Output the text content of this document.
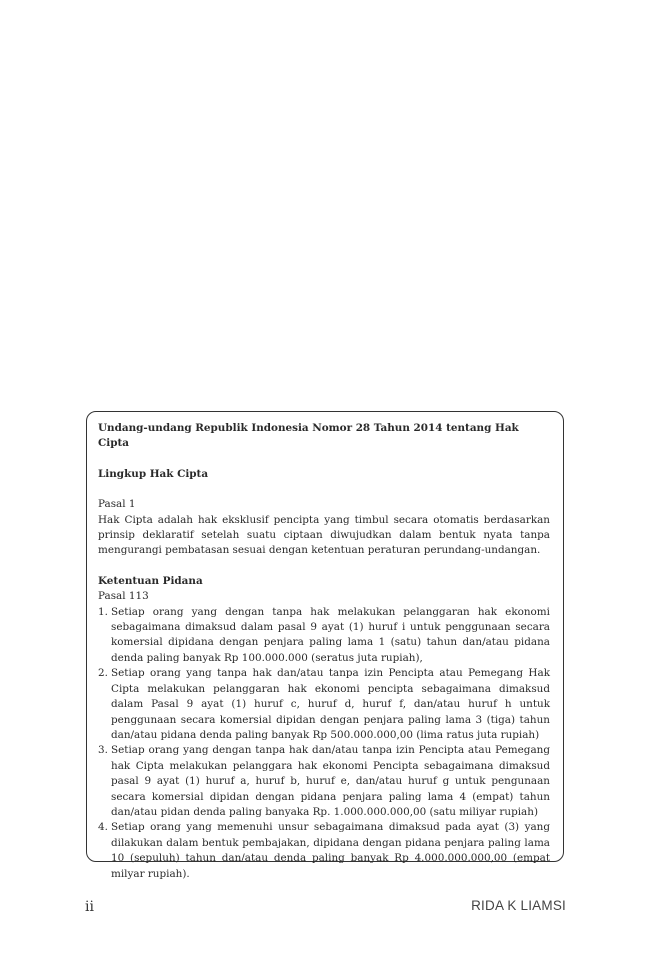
Undang-undang Republik Indonesia Nomor 28 Tahun 2014 tentang Hak Cipta

Lingkup Hak Cipta

Pasal 1

Hak Cipta adalah hak eksklusif pencipta yang timbul secara otomatis berdasarkan prinsip deklaratif setelah suatu ciptaan diwujudkan dalam bentuk nyata tanpa mengurangi pembatasan sesuai dengan ketentuan peraturan perundang-undangan.

Ketentuan Pidana

Pasal 113

1. Setiap orang yang dengan tanpa hak melakukan pelanggaran hak ekonomi sebagaimana dimaksud dalam pasal 9 ayat (1) huruf i untuk penggunaan secara komersial dipidana dengan penjara paling lama 1 (satu) tahun dan/atau pidana denda paling banyak Rp 100.000.000 (seratus juta rupiah),
2. Setiap orang yang tanpa hak dan/atau tanpa izin Pencipta atau Pemegang Hak Cipta melakukan pelanggaran hak ekonomi pencipta sebagaimana dimaksud dalam Pasal 9 ayat (1) huruf c, huruf d, huruf f, dan/atau huruf h untuk penggunaan secara komersial dipidan dengan penjara paling lama 3 (tiga) tahun dan/atau pidana denda paling banyak Rp 500.000.000,00 (lima ratus juta rupiah)
3. Setiap orang yang dengan tanpa hak dan/atau tanpa izin Pencipta atau Pemegang hak Cipta melakukan pelanggara hak ekonomi Pencipta sebagaimana dimaksud pasal 9 ayat (1) huruf a, huruf b, huruf e, dan/atau huruf g untuk pengunaan secara komersial dipidan dengan pidana penjara paling lama 4 (empat) tahun dan/atau pidan denda paling banyaka Rp. 1.000.000.000,00 (satu miliyar rupiah)
4. Setiap orang yang memenuhi unsur sebagaimana dimaksud pada ayat (3) yang dilakukan dalam bentuk pembajakan, dipidana dengan pidana penjara paling lama 10 (sepuluh) tahun dan/atau denda paling banyak Rp 4.000.000.000,00 (empat milyar rupiah).
ii	RIDA K LIAMSI
